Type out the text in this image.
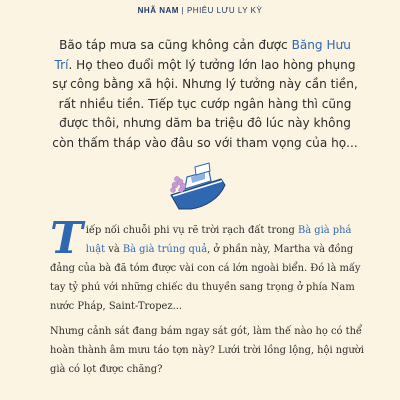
NHÃ NAM | PHIÊU LƯU LY KỲ

Bão táp mưa sa cũng không cản được Băng Hưu Trí. Họ theo đuổi một lý tưởng lớn lao hòng phụng sự công bằng xã hội. Nhưng lý tưởng này cần tiền, rất nhiều tiền. Tiếp tục cướp ngân hàng thì cũng được thôi, nhưng dăm ba triệu đô lúc này không còn thấm tháp vào đâu so với tham vọng của họ...

Tiếp nối chuỗi phi vụ rẽ trời rạch đất trong Bà già phá luật và Bà già trúng quả, ở phần này, Martha và đồng đảng của bà đã tóm được vài con cá lớn ngoài biển. Đó là mấy tay tỷ phú với những chiếc du thuyền sang trọng ở phía Nam nước Pháp, Saint-Tropez...

Nhưng cảnh sát đang bám ngay sát gót, làm thế nào họ có thể hoàn thành âm mưu táo tợn này? Lưới trời lồng lộng, hội người già có lọt được chăng?
